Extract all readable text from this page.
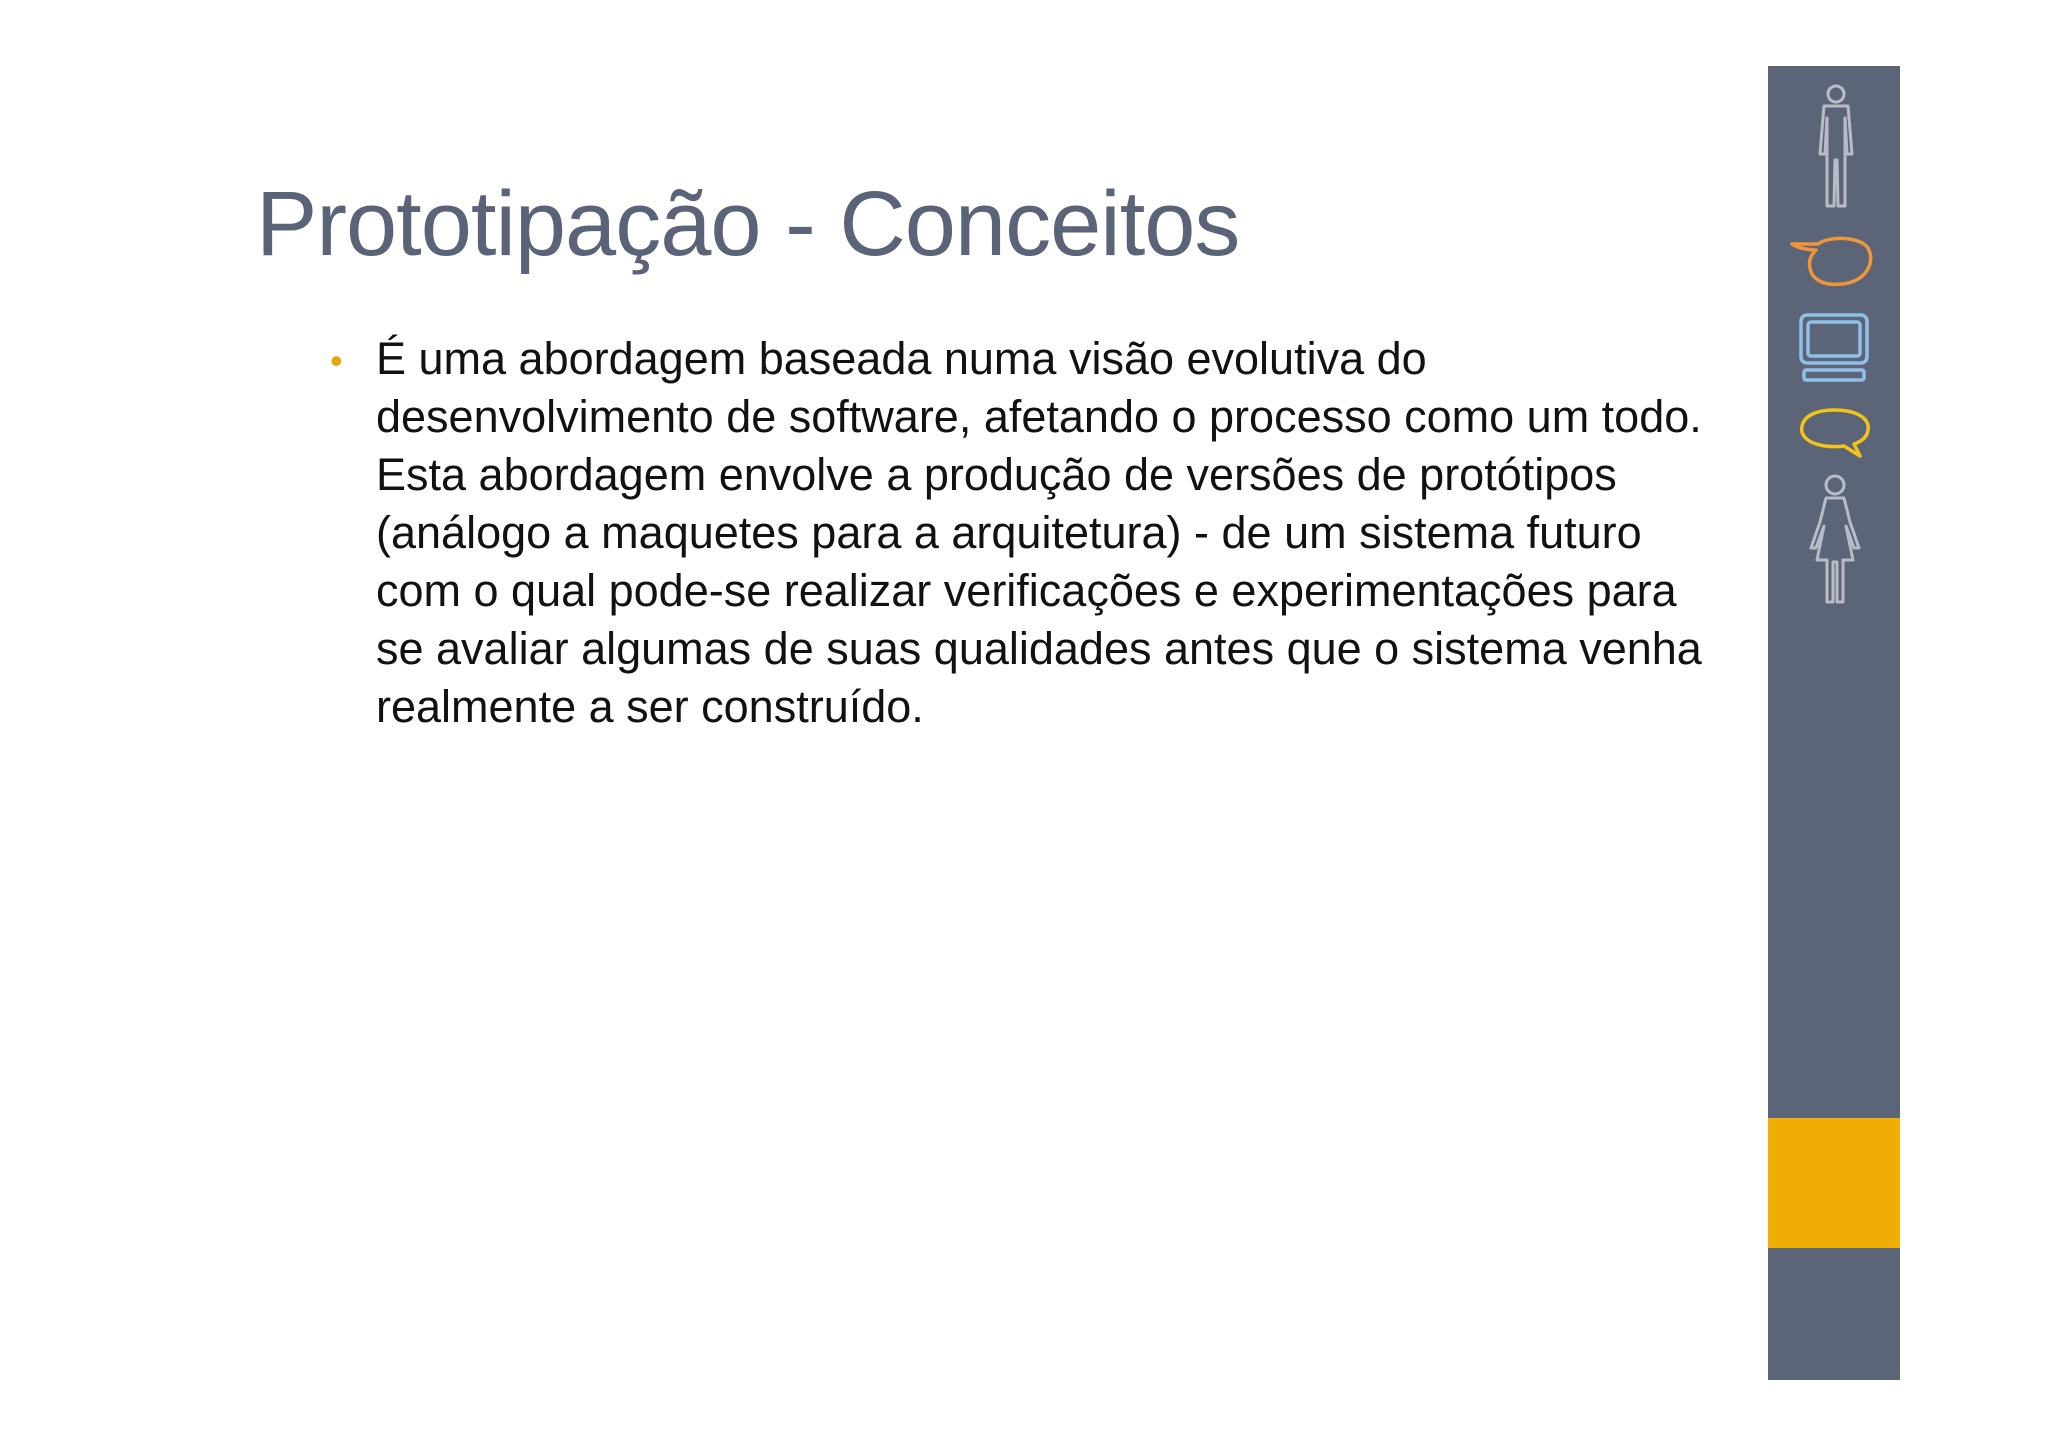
Prototipação - Conceitos
• É uma abordagem baseada numa visão evolutiva do desenvolvimento de software, afetando o processo como um todo. Esta abordagem envolve a produção de versões de protótipos (análogo a maquetes para a arquitetura) - de um sistema futuro com o qual pode-se realizar verificações e experimentações para se avaliar algumas de suas qualidades antes que o sistema venha realmente a ser construído.
